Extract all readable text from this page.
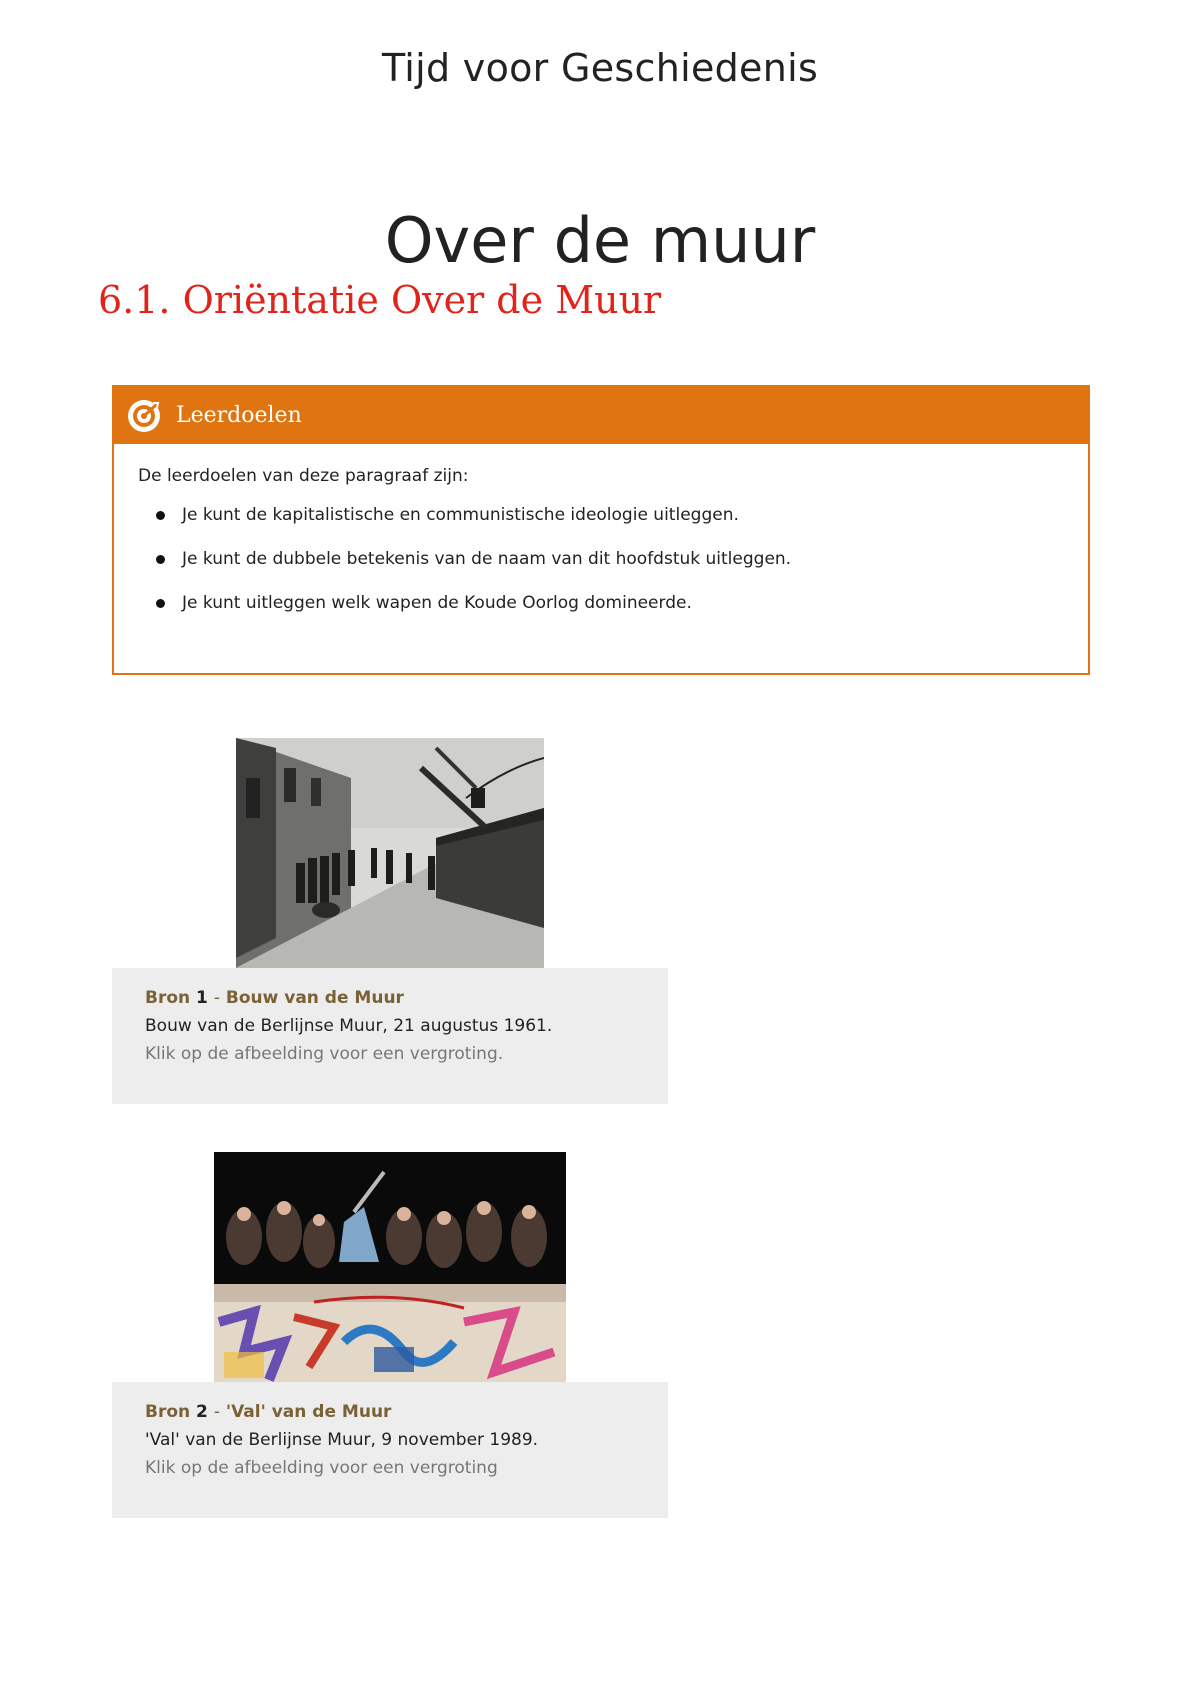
Tijd voor Geschiedenis
Over de muur
6.1. Oriëntatie Over de Muur
Leerdoelen

De leerdoelen van deze paragraaf zijn:

Je kunt de kapitalistische en communistische ideologie uitleggen.
Je kunt de dubbele betekenis van de naam van dit hoofdstuk uitleggen.
Je kunt uitleggen welk wapen de Koude Oorlog domineerde.
Bron 1 - Bouw van de Muur
Bouw van de Berlijnse Muur, 21 augustus 1961.
Klik op de afbeelding voor een vergroting.
Bron 2 - 'Val' van de Muur
'Val' van de Berlijnse Muur, 9 november 1989.
Klik op de afbeelding voor een vergroting
